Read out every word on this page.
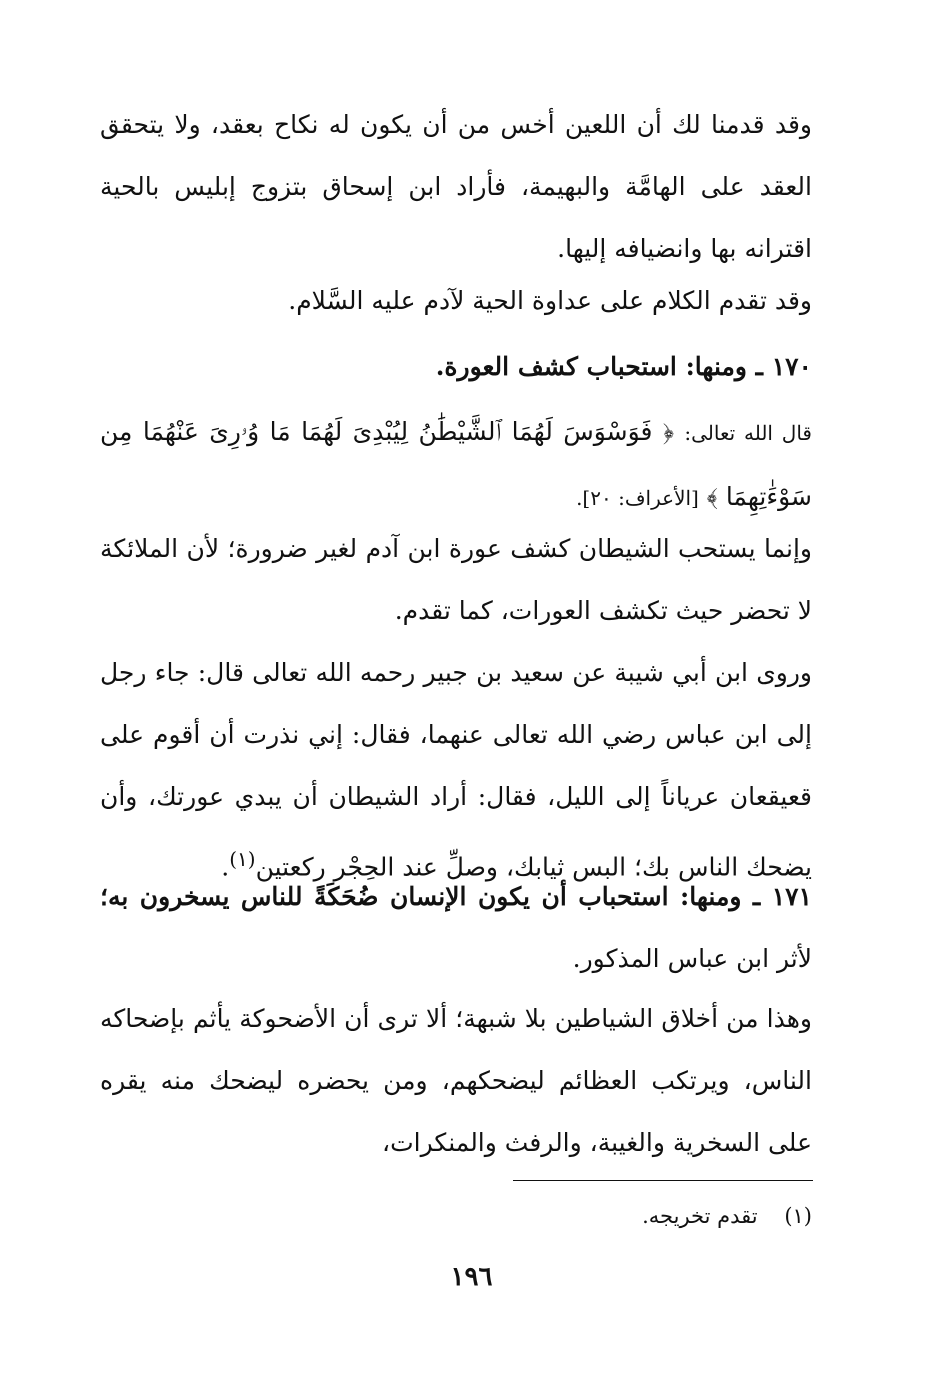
وقد قدمنا لك أن اللعين أخس من أن يكون له نكاح بعقد، ولا يتحقق العقد على الهامَّة والبهيمة، فأراد ابن إسحاق بتزوج إبليس بالحية اقترانه بها وانضيافه إليها.

وقد تقدم الكلام على عداوة الحية لآدم عليه السَّلام.

١٧٠ ـ ومنها: استحباب كشف العورة.

قال الله تعالى: ﴿ فَوَسْوَسَ لَهُمَا ٱلشَّيْطَٰنُ لِيُبْدِىَ لَهُمَا مَا وُۥرِىَ عَنْهُمَا مِن سَوْءَٰتِهِمَا ﴾ [الأعراف: ٢٠].

وإنما يستحب الشيطان كشف عورة ابن آدم لغير ضرورة؛ لأن الملائكة لا تحضر حيث تكشف العورات، كما تقدم.

وروى ابن أبي شيبة عن سعيد بن جبير رحمه الله تعالى قال: جاء رجل إلى ابن عباس رضي الله تعالى عنهما، فقال: إني نذرت أن أقوم على قعيقعان عرياناً إلى الليل، فقال: أراد الشيطان أن يبدي عورتك، وأن يضحك الناس بك؛ البس ثيابك، وصلِّ عند الحِجْر ركعتين$^{(١)}$.

١٧١ ـ ومنها: استحباب أن يكون الإنسان ضُحَكَةً للناس يسخرون به؛ لأثر ابن عباس المذكور.

وهذا من أخلاق الشياطين بلا شبهة؛ ألا ترى أن الأضحوكة يأثم بإضحاكه الناس، ويرتكب العظائم ليضحكهم، ومن يحضره ليضحك منه يقره على السخرية والغيبة، والرفث والمنكرات،

(١)    تقدم تخريجه.
١٩٦
